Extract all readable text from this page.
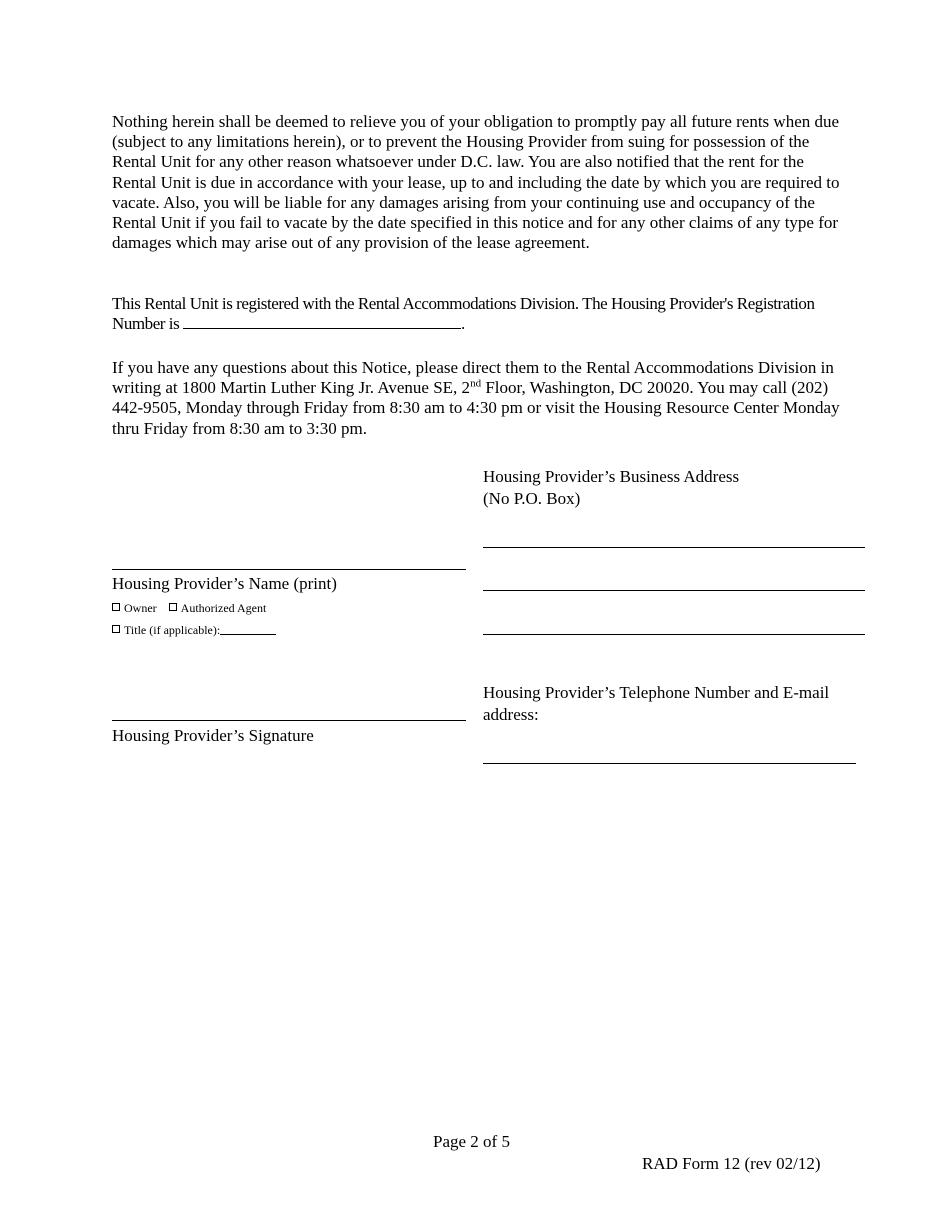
Nothing herein shall be deemed to relieve you of your obligation to promptly pay all future rents when due (subject to any limitations herein), or to prevent the Housing Provider from suing for possession of the Rental Unit for any other reason whatsoever under D.C. law. You are also notified that the rent for the Rental Unit is due in accordance with your lease, up to and including the date by which you are required to vacate. Also, you will be liable for any damages arising from your continuing use and occupancy of the Rental Unit if you fail to vacate by the date specified in this notice and for any other claims of any type for damages which may arise out of any provision of the lease agreement.

This Rental Unit is registered with the Rental Accommodations Division. The Housing Provider's Registration Number is	.

If you have any questions about this Notice, please direct them to the Rental Accommodations Division in writing at 1800 Martin Luther King Jr. Avenue SE, 2nd Floor, Washington, DC 20020. You may call (202) 442-9505, Monday through Friday from 8:30 am to 4:30 pm or visit the Housing Resource Center Monday thru Friday from 8:30 am to 3:30 pm.

Housing Provider’s Business Address
(No P.O. Box)
Housing Provider’s Name (print)
Owner Authorized Agent
Title (if applicable):
Housing Provider’s Telephone Number and E-mail
address:
Housing Provider’s Signature
Page 2 of 5
RAD Form 12 (rev 02/12)
